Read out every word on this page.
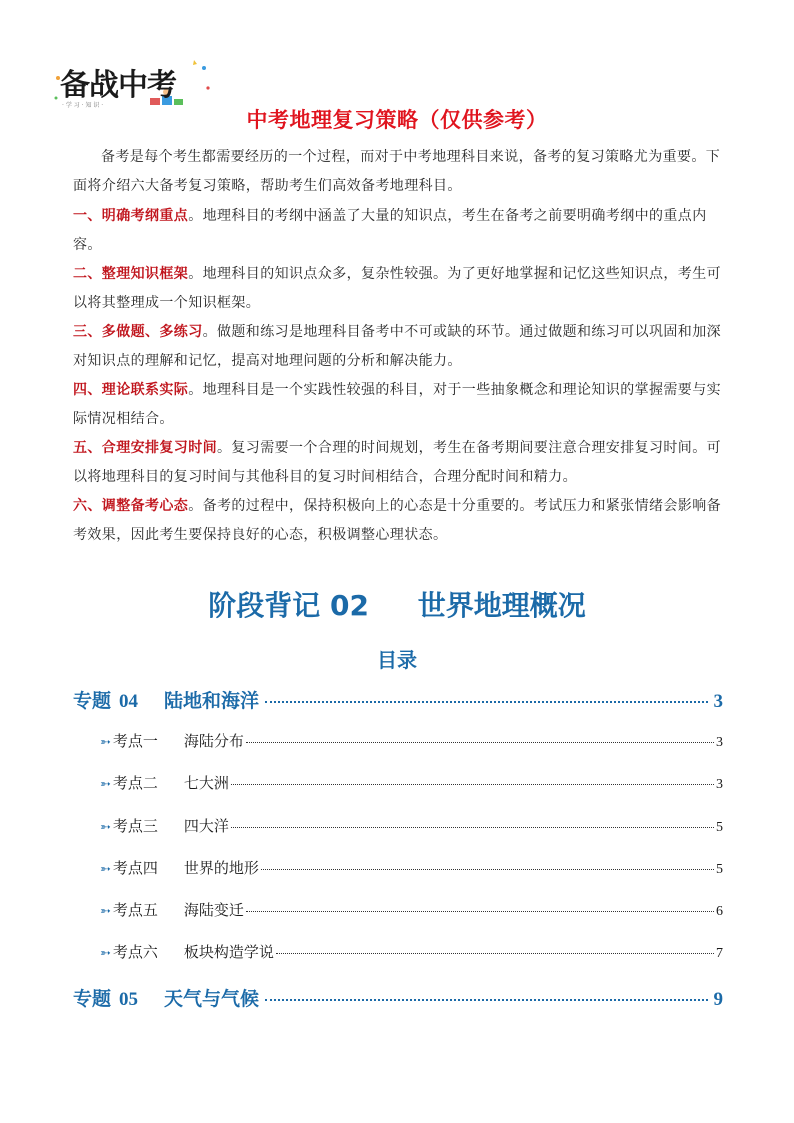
备战中考
· 学 习 · 知 识 ·
中考地理复习策略（仅供参考）
备考是每个考生都需要经历的一个过程，而对于中考地理科目来说，备考的复习策略尤为重要。下面将介绍六大备考复习策略，帮助考生们高效备考地理科目。
一、明确考纲重点。地理科目的考纲中涵盖了大量的知识点，考生在备考之前要明确考纲中的重点内容。
二、整理知识框架。地理科目的知识点众多，复杂性较强。为了更好地掌握和记忆这些知识点，考生可以将其整理成一个知识框架。
三、多做题、多练习。做题和练习是地理科目备考中不可或缺的环节。通过做题和练习可以巩固和加深对知识点的理解和记忆，提高对地理问题的分析和解决能力。
四、理论联系实际。地理科目是一个实践性较强的科目，对于一些抽象概念和理论知识的掌握需要与实际情况相结合。
五、合理安排复习时间。复习需要一个合理的时间规划，考生在备考期间要注意合理安排复习时间。可以将地理科目的复习时间与其他科目的复习时间相结合，合理分配时间和精力。
六、调整备考心态。备考的过程中，保持积极向上的心态是十分重要的。考试压力和紧张情绪会影响备考效果，因此考生要保持良好的心态，积极调整心理状态。
阶段背记 02     世界地理概况
目录
专题 04 陆地和海洋	3
➳ 考点一 海陆分布	3
➳ 考点二 七大洲	3
➳ 考点三 四大洋	5
➳ 考点四 世界的地形	5
➳ 考点五 海陆变迁	6
➳ 考点六 板块构造学说	7
专题 05 天气与气候	9
